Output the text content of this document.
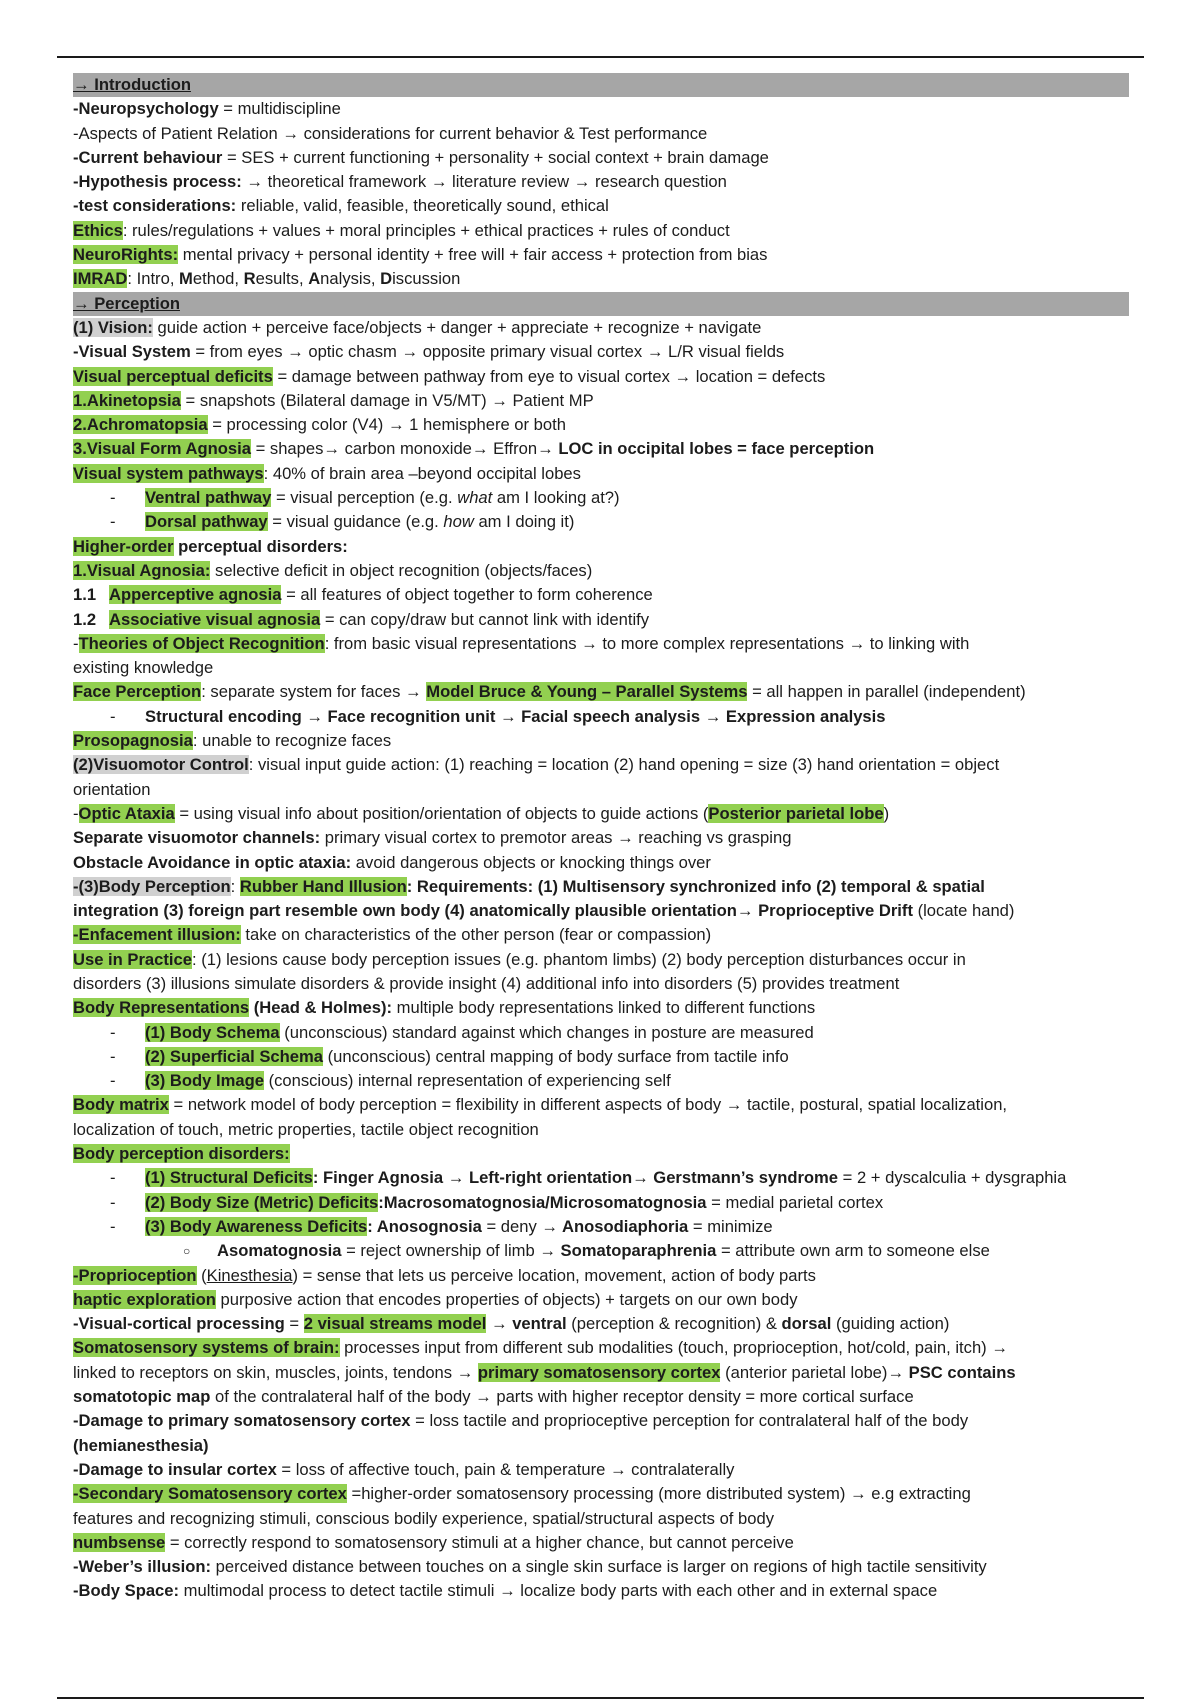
→ Introduction
-Neuropsychology = multidiscipline
-Aspects of Patient Relation → considerations for current behavior & Test performance
-Current behaviour = SES + current functioning + personality + social context + brain damage
-Hypothesis process: → theoretical framework → literature review → research question
-test considerations: reliable, valid, feasible, theoretically sound, ethical
Ethics: rules/regulations + values + moral principles + ethical practices + rules of conduct
NeuroRights: mental privacy + personal identity + free will + fair access + protection from bias
IMRAD: Intro, Method, Results, Analysis, Discussion
→ Perception
(1) Vision: guide action + perceive face/objects + danger + appreciate + recognize + navigate
-Visual System = from eyes → optic chasm → opposite primary visual cortex → L/R visual fields
Visual perceptual deficits = damage between pathway from eye to visual cortex → location = defects
1.Akinetopsia = snapshots (Bilateral damage in V5/MT) → Patient MP
2.Achromatopsia = processing color (V4) → 1 hemisphere or both
3.Visual Form Agnosia = shapes→ carbon monoxide→ Effron→ LOC in occipital lobes = face perception
Visual system pathways: 40% of brain area –beyond occipital lobes
- Ventral pathway = visual perception (e.g. what am I looking at?)
- Dorsal pathway = visual guidance (e.g. how am I doing it)
Higher-order perceptual disorders:
1.Visual Agnosia: selective deficit in object recognition (objects/faces)
1.1 Apperceptive agnosia = all features of object together to form coherence
1.2 Associative visual agnosia = can copy/draw but cannot link with identify
-Theories of Object Recognition: from basic visual representations → to more complex representations → to linking with
existing knowledge
Face Perception: separate system for faces → Model Bruce & Young – Parallel Systems = all happen in parallel (independent)
- Structural encoding → Face recognition unit → Facial speech analysis → Expression analysis
Prosopagnosia: unable to recognize faces
(2)Visuomotor Control: visual input guide action: (1) reaching = location (2) hand opening = size (3) hand orientation = object
orientation
-Optic Ataxia = using visual info about position/orientation of objects to guide actions (Posterior parietal lobe)
Separate visuomotor channels: primary visual cortex to premotor areas → reaching vs grasping
Obstacle Avoidance in optic ataxia: avoid dangerous objects or knocking things over
-(3)Body Perception: Rubber Hand Illusion: Requirements: (1) Multisensory synchronized info (2) temporal & spatial
integration (3) foreign part resemble own body (4) anatomically plausible orientation→ Proprioceptive Drift (locate hand)
-Enfacement illusion: take on characteristics of the other person (fear or compassion)
Use in Practice: (1) lesions cause body perception issues (e.g. phantom limbs) (2) body perception disturbances occur in
disorders (3) illusions simulate disorders & provide insight (4) additional info into disorders (5) provides treatment
Body Representations (Head & Holmes): multiple body representations linked to different functions
- (1) Body Schema (unconscious) standard against which changes in posture are measured
- (2) Superficial Schema (unconscious) central mapping of body surface from tactile info
- (3) Body Image (conscious) internal representation of experiencing self
Body matrix = network model of body perception = flexibility in different aspects of body → tactile, postural, spatial localization,
localization of touch, metric properties, tactile object recognition
Body perception disorders:
- (1) Structural Deficits: Finger Agnosia → Left-right orientation→ Gerstmann’s syndrome = 2 + dyscalculia + dysgraphia
- (2) Body Size (Metric) Deficits:Macrosomatognosia/Microsomatognosia = medial parietal cortex
- (3) Body Awareness Deficits: Anosognosia = deny → Anosodiaphoria = minimize
○ Asomatognosia = reject ownership of limb → Somatoparaphrenia = attribute own arm to someone else
-Proprioception (Kinesthesia) = sense that lets us perceive location, movement, action of body parts
haptic exploration purposive action that encodes properties of objects) + targets on our own body
-Visual-cortical processing = 2 visual streams model → ventral (perception & recognition) & dorsal (guiding action)
Somatosensory systems of brain: processes input from different sub modalities (touch, proprioception, hot/cold, pain, itch) →
linked to receptors on skin, muscles, joints, tendons → primary somatosensory cortex (anterior parietal lobe)→ PSC contains
somatotopic map of the contralateral half of the body → parts with higher receptor density = more cortical surface
-Damage to primary somatosensory cortex = loss tactile and proprioceptive perception for contralateral half of the body
(hemianesthesia)
-Damage to insular cortex = loss of affective touch, pain & temperature → contralaterally
-Secondary Somatosensory cortex =higher-order somatosensory processing (more distributed system) → e.g extracting
features and recognizing stimuli, conscious bodily experience, spatial/structural aspects of body
numbsense = correctly respond to somatosensory stimuli at a higher chance, but cannot perceive
-Weber’s illusion: perceived distance between touches on a single skin surface is larger on regions of high tactile sensitivity
-Body Space: multimodal process to detect tactile stimuli → localize body parts with each other and in external space
